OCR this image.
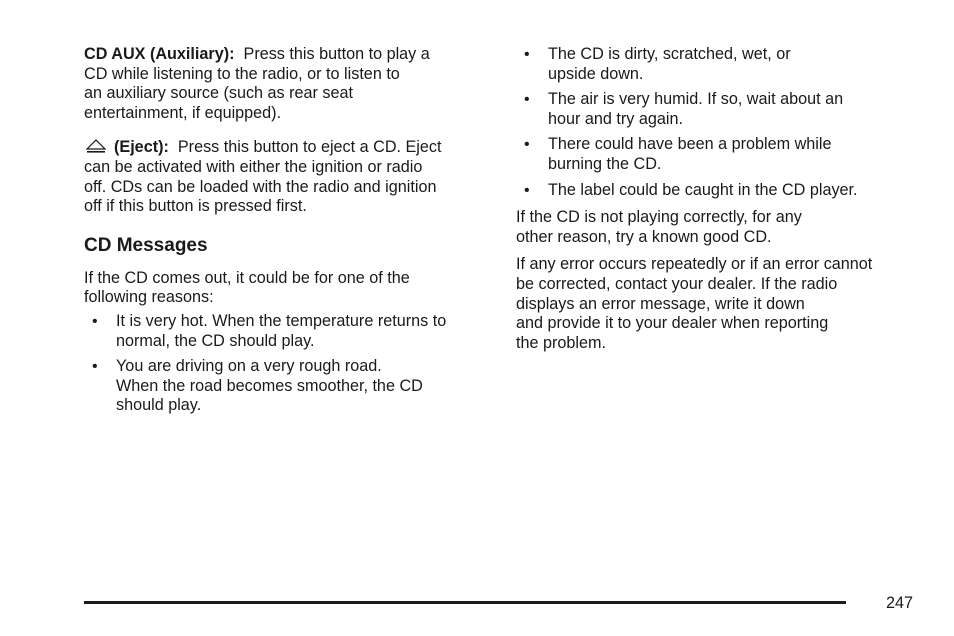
CD AUX (Auxiliary): Press this button to play a
CD while listening to the radio, or to listen to
an auxiliary source (such as rear seat
entertainment, if equipped).

(Eject): Press this button to eject a CD. Eject
can be activated with either the ignition or radio
off. CDs can be loaded with the radio and ignition
off if this button is pressed first.

CD Messages

If the CD comes out, it could be for one of the
following reasons:

• It is very hot. When the temperature returns to
normal, the CD should play.
• You are driving on a very rough road.
When the road becomes smoother, the CD
should play.
• The CD is dirty, scratched, wet, or
upside down.
• The air is very humid. If so, wait about an
hour and try again.
• There could have been a problem while
burning the CD.
• The label could be caught in the CD player.

If the CD is not playing correctly, for any
other reason, try a known good CD.

If any error occurs repeatedly or if an error cannot
be corrected, contact your dealer. If the radio
displays an error message, write it down
and provide it to your dealer when reporting
the problem.

247
